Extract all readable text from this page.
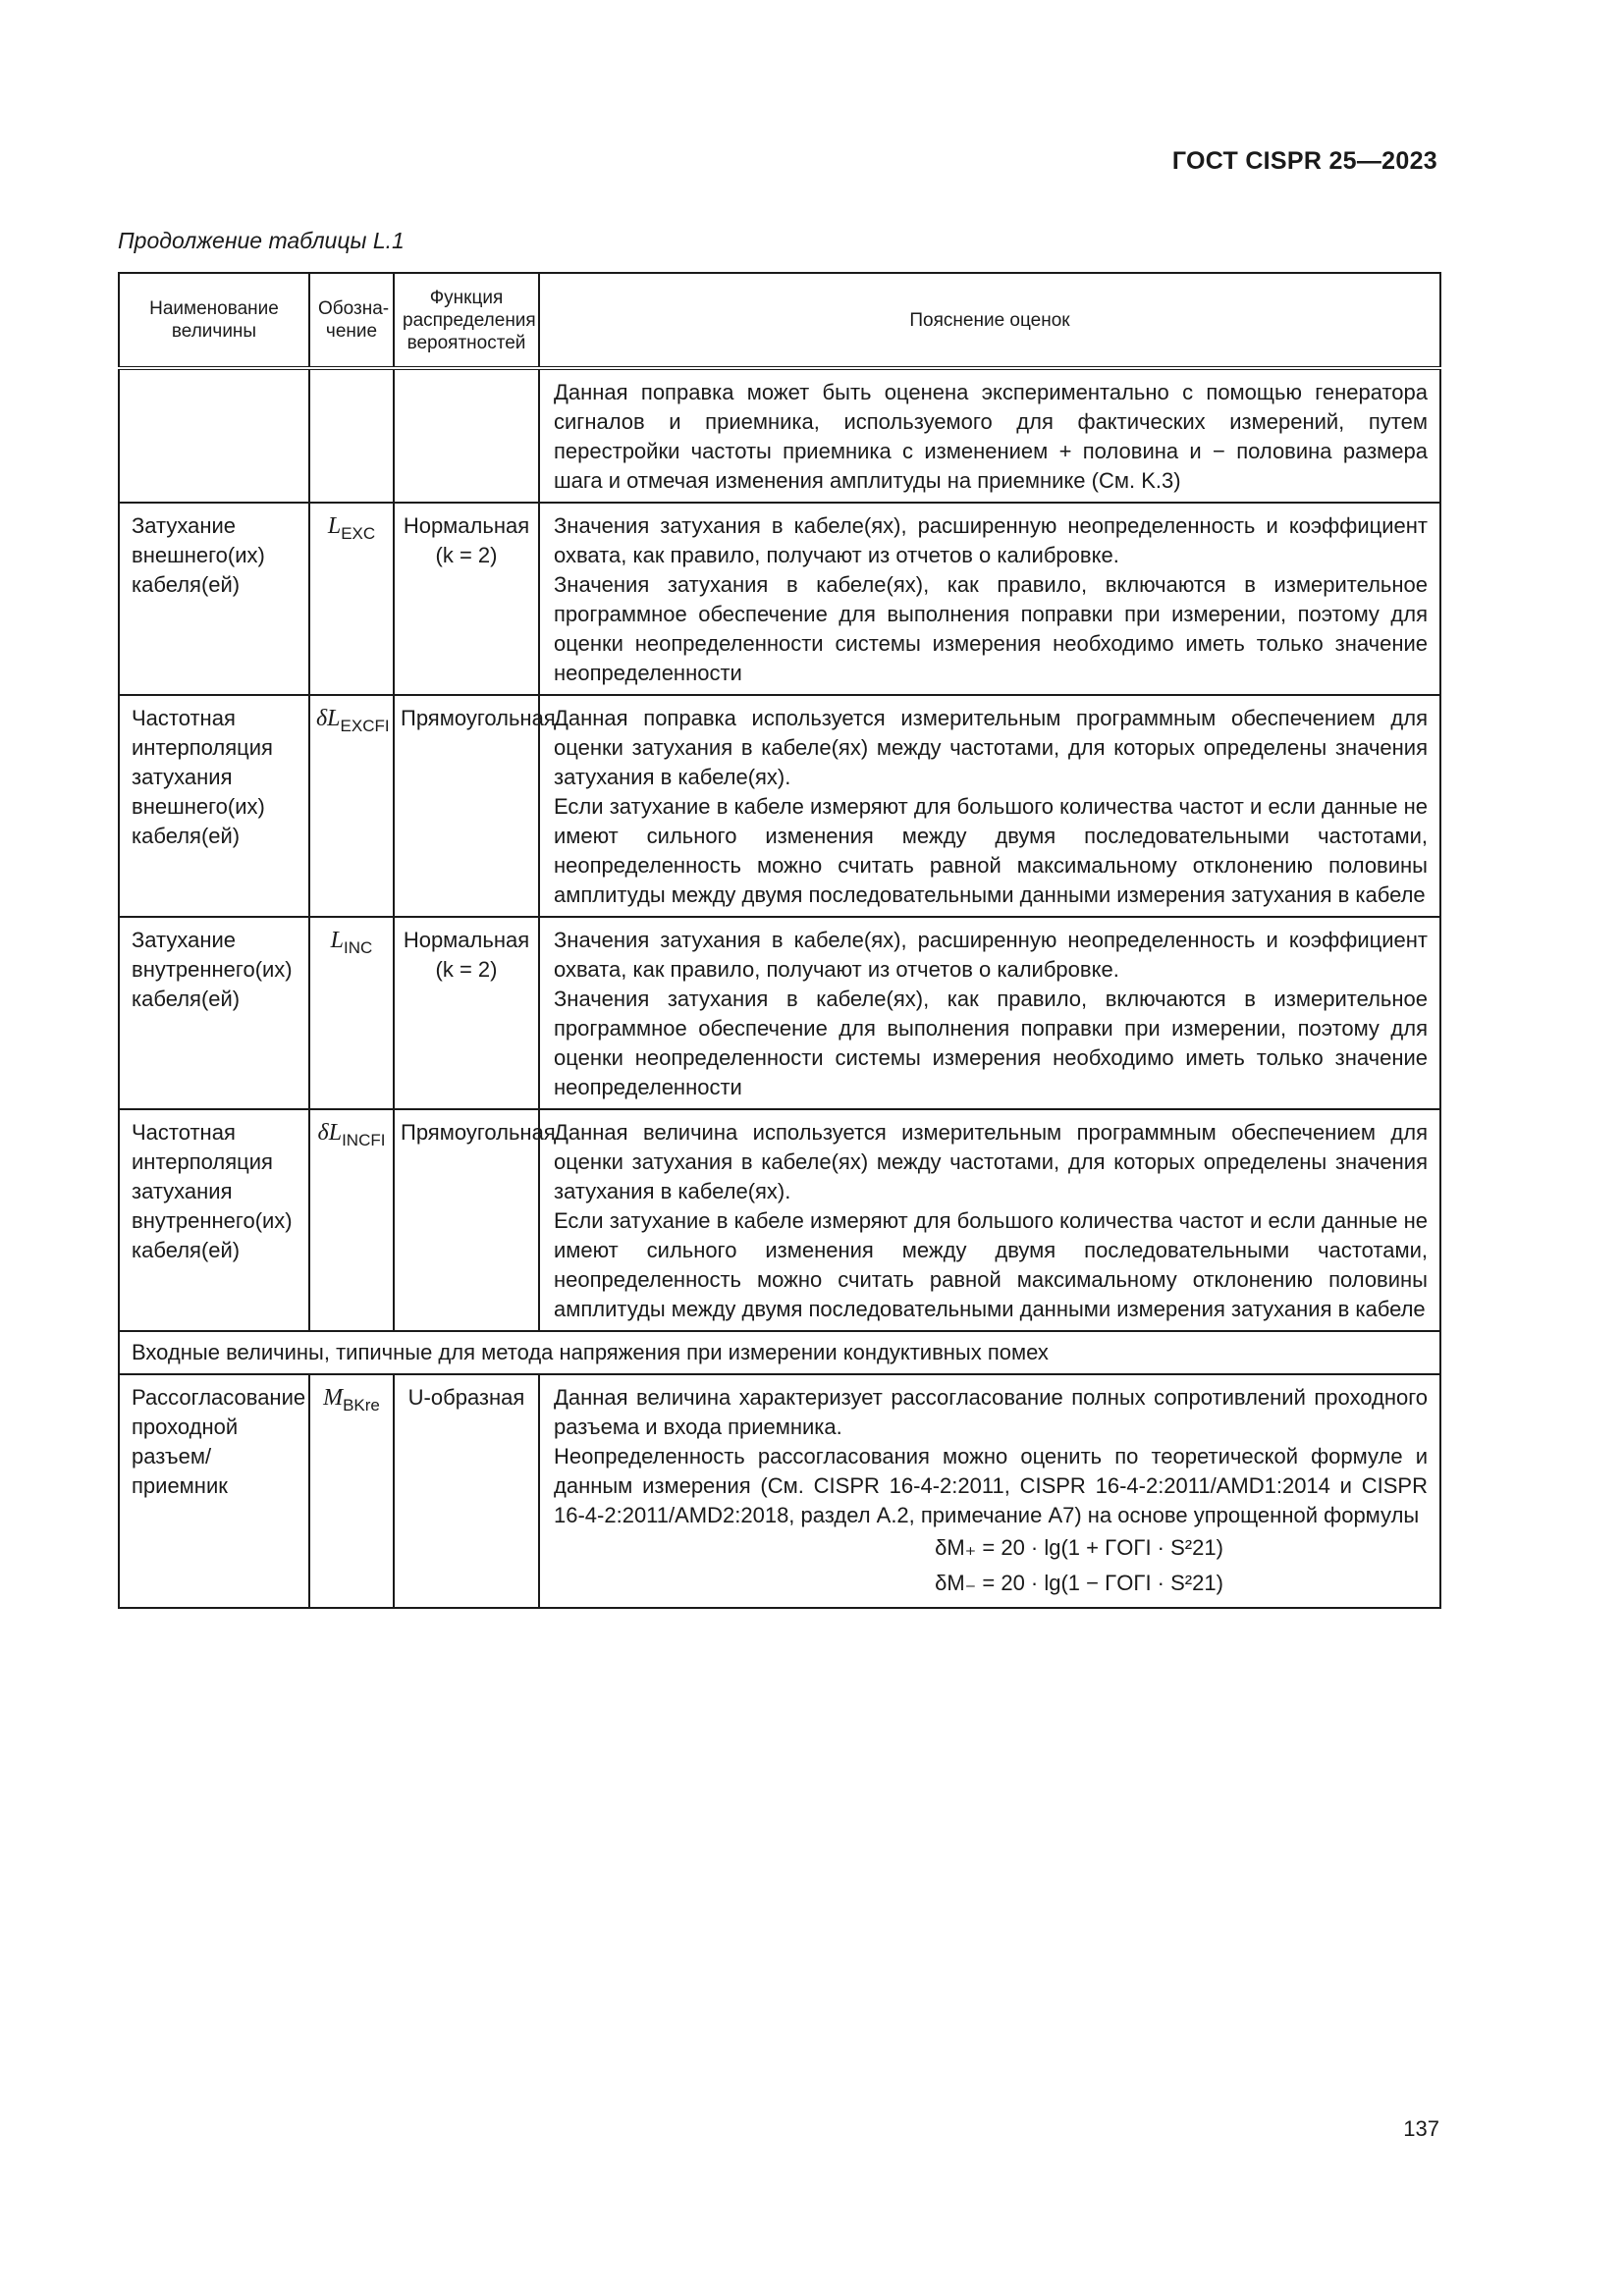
ГОСТ CISPR 25—2023
Продолжение таблицы L.1
Наименование величины	Обозна-чение	Функция распределения вероятностей	Пояснение оценок

			Данная поправка может быть оценена экспериментально с помощью генератора сигналов и приемника, используемого для фактических измерений, путем перестройки частоты приемника с изменением + половина и − половина размера шага и отмечая изменения амплитуды на приемнике (См. K.3)

Затухание внешнего(их) кабеля(ей)	$L_{EXC}$	Нормальная (k = 2)	Значения затухания в кабеле(ях), расширенную неопределенность и коэффициент охвата, как правило, получают из отчетов о калибровке.

Значения затухания в кабеле(ях), как правило, включаются в измерительное программное обеспечение для выполнения поправки при измерении, поэтому для оценки неопределенности системы измерения необходимо иметь только значение неопределенности

Частотная интерполяция затухания внешнего(их) кабеля(ей)	$\delta L_{EXCFI}$	Прямоугольная	Данная поправка используется измерительным программным обеспечением для оценки затухания в кабеле(ях) между частотами, для которых определены значения затухания в кабеле(ях).

Если затухание в кабеле измеряют для большого количества частот и если данные не имеют сильного изменения между двумя последовательными частотами, неопределенность можно считать равной максимальному отклонению половины амплитуды между двумя последовательными данными измерения затухания в кабеле

Затухание внутреннего(их) кабеля(ей)	$L_{INC}$	Нормальная (k = 2)	Значения затухания в кабеле(ях), расширенную неопределенность и коэффициент охвата, как правило, получают из отчетов о калибровке.

Значения затухания в кабеле(ях), как правило, включаются в измерительное программное обеспечение для выполнения поправки при измерении, поэтому для оценки неопределенности системы измерения необходимо иметь только значение неопределенности

Частотная интерполяция затухания внутреннего(их) кабеля(ей)	$\delta L_{INCFI}$	Прямоугольная	Данная величина используется измерительным программным обеспечением для оценки затухания в кабеле(ях) между частотами, для которых определены значения затухания в кабеле(ях).

Если затухание в кабеле измеряют для большого количества частот и если данные не имеют сильного изменения между двумя последовательными частотами, неопределенность можно считать равной максимальному отклонению половины амплитуды между двумя последовательными данными измерения затухания в кабеле

Входные величины, типичные для метода напряжения при измерении кондуктивных помех			
Рассогласование проходной разъем/приемник	$M_{BKre}$	U-образная	Данная величина характеризует рассогласование полных сопротивлений проходного разъема и входа приемника.

Неопределенность рассогласования можно оценить по теоретической формуле и данным измерения (См. CISPR 16-4-2:2011, CISPR 16-4-2:2011/AMD1:2014 и CISPR 16-4-2:2011/AMD2:2018, раздел A.2, примечание А7) на основе упрощенной формулы

δM₊ = 20 · lg(1 + ΓOΓI · S²21)
δM₋ = 20 · lg(1 − ΓOΓI · S²21)
137
